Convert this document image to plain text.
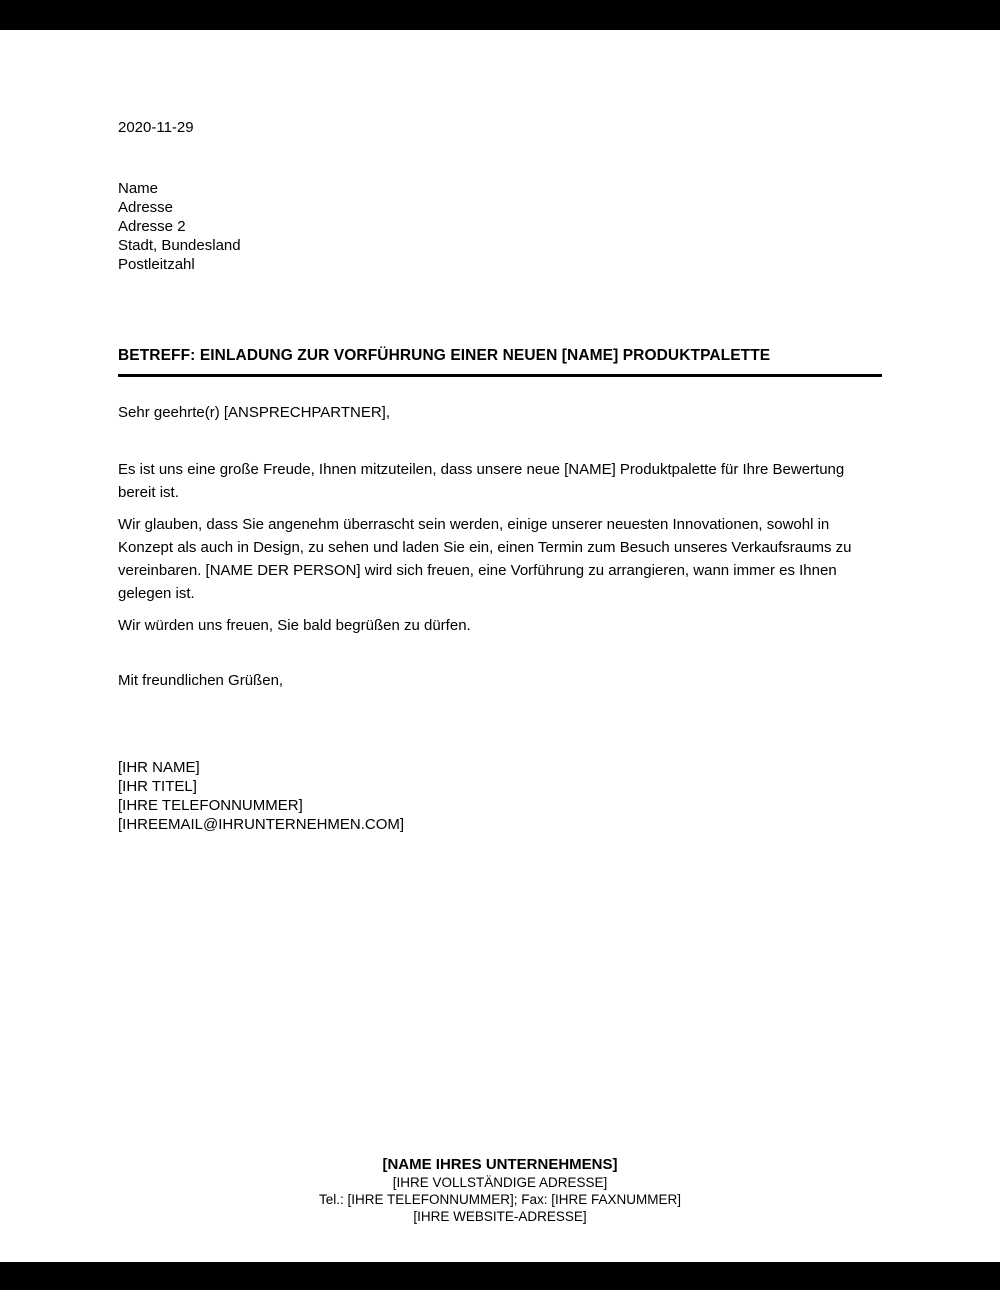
2020-11-29
Name
Adresse
Adresse 2
Stadt, Bundesland
Postleitzahl
BETREFF: EINLADUNG ZUR VORFÜHRUNG EINER NEUEN [NAME] PRODUKTPALETTE
Sehr geehrte(r) [ANSPRECHPARTNER],

Es ist uns eine große Freude, Ihnen mitzuteilen, dass unsere neue [NAME] Produktpalette für Ihre Bewertung bereit ist.

Wir glauben, dass Sie angenehm überrascht sein werden, einige unserer neuesten Innovationen, sowohl in Konzept als auch in Design, zu sehen und laden Sie ein, einen Termin zum Besuch unseres Verkaufsraums zu vereinbaren. [NAME DER PERSON] wird sich freuen, eine Vorführung zu arrangieren, wann immer es Ihnen gelegen ist.

Wir würden uns freuen, Sie bald begrüßen zu dürfen.

Mit freundlichen Grüßen,
[IHR NAME]
[IHR TITEL]
[IHRE TELEFONNUMMER]
[IHREEMAIL@IHRUNTERNEHMEN.COM]
[NAME IHRES UNTERNEHMENS]
[IHRE VOLLSTÄNDIGE ADRESSE]
Tel.: [IHRE TELEFONNUMMER]; Fax: [IHRE FAXNUMMER]
[IHRE WEBSITE-ADRESSE]
